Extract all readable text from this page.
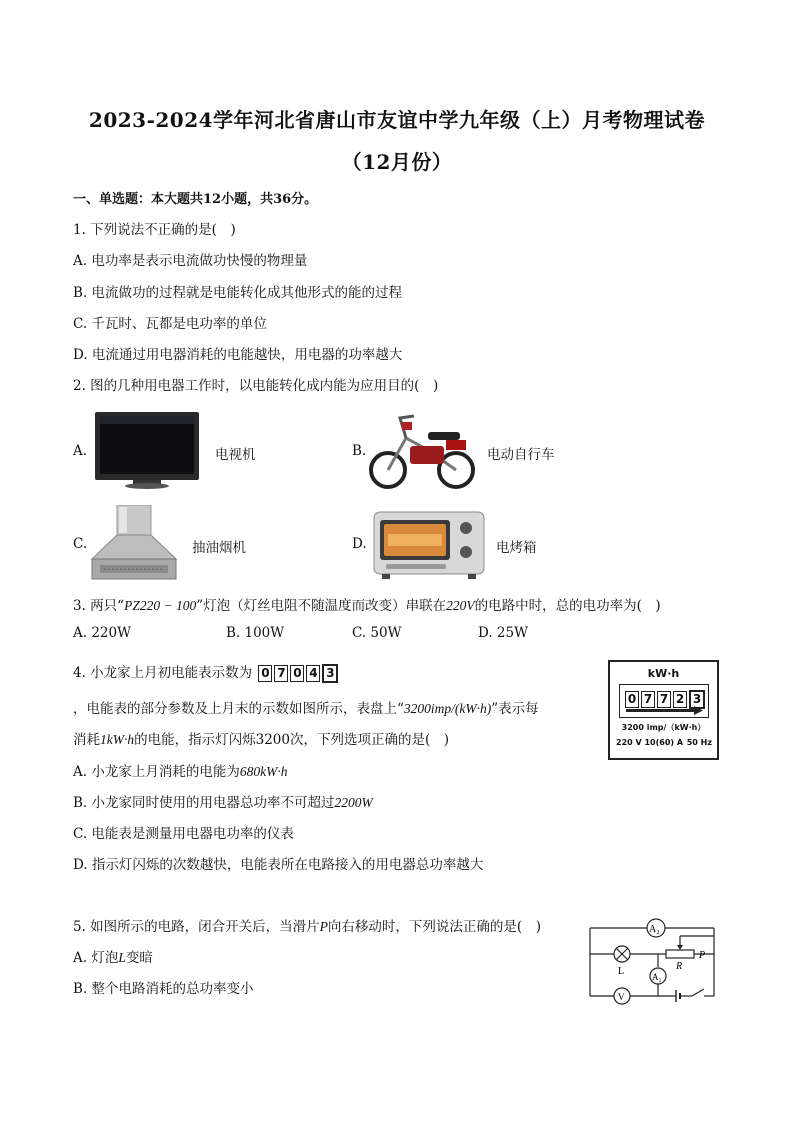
2023-2024学年河北省唐山市友谊中学九年级（上）月考物理试卷
（12月份）
一、单选题：本大题共12小题，共36分。
1. 下列说法不正确的是(　)
A. 电功率是表示电流做功快慢的物理量
B. 电流做功的过程就是电能转化成其他形式的能的过程
C. 千瓦时、瓦都是电功率的单位
D. 电流通过用电器消耗的电能越快，用电器的功率越大
2. 图的几种用电器工作时，以电能转化成内能为应用目的(　)
A.	电视机	B.	电动自行车
C.	抽油烟机	D.	电烤箱
3. 两只“PZ220 − 100”灯泡（灯丝电阻不随温度而改变）串联在220V的电路中时，总的电功率为(　)
A. 220W	B. 100W	C. 50W	D. 25W
4. 小龙家上月初电能表示数为 0 7 0 4 3
，电能表的部分参数及上月末的示数如图所示，表盘上“3200imp/(kW·h)”表示每
消耗1kW·h的电能，指示灯闪烁3200次，下列选项正确的是(　)
A. 小龙家上月消耗的电能为680kW·h
B. 小龙家同时使用的用电器总功率不可超过2200W
C. 电能表是测量用电器电功率的仪表
D. 指示灯闪烁的次数越快，电能表所在电路接入的用电器总功率越大
kW·h
0 7 7 2 3
3200 imp/（kW·h）
220 V 10(60) A 50 Hz
5. 如图所示的电路，闭合开关后，当滑片P向右移动时，下列说法正确的是(　)
A. 灯泡L变暗
B. 整个电路消耗的总功率变小
A₂
L	R
P
A₁
V
